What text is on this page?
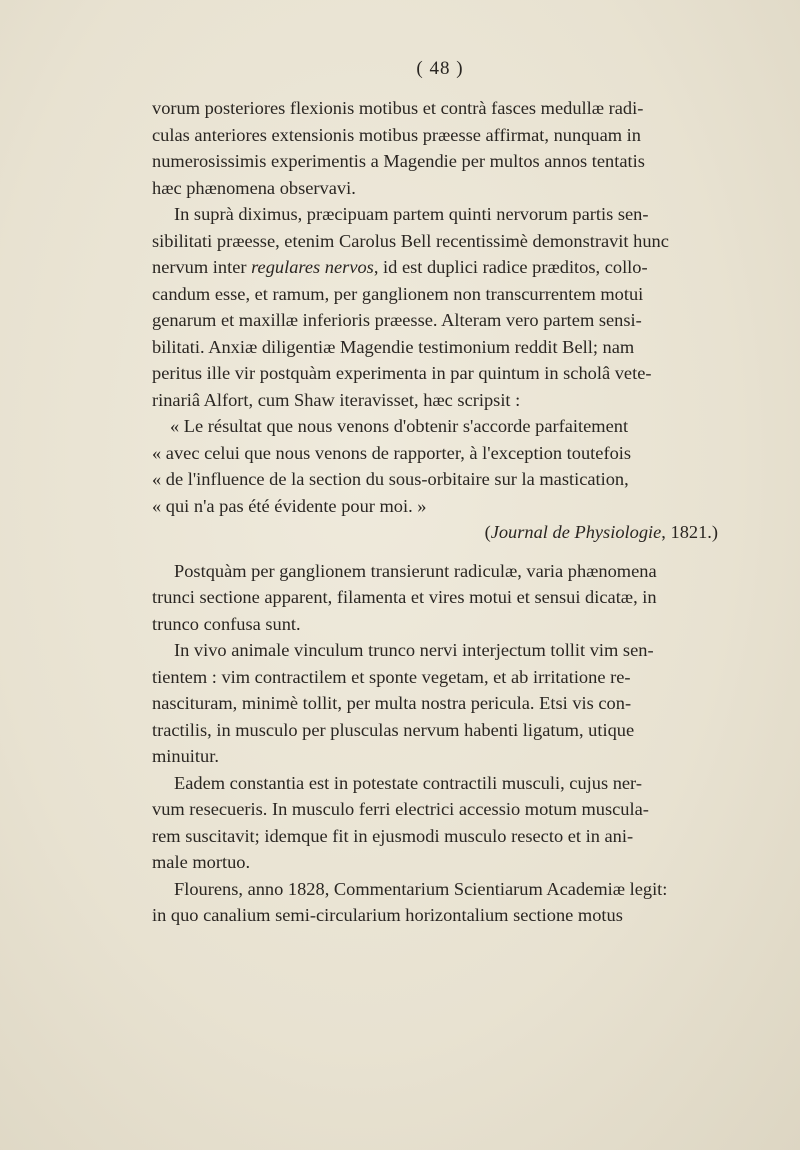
( 48 )

vorum posteriores flexionis motibus et contrà fasces medullæ radi-
culas anteriores extensionis motibus præesse affirmat, nunquam in
numerosissimis experimentis a Magendie per multos annos tentatis
hæc phænomena observavi.

In suprà diximus, præcipuam partem quinti nervorum partis sen-
sibilitati præesse, etenim Carolus Bell recentissimè demonstravit hunc
nervum inter regulares nervos, id est duplici radice præditos, collo-
candum esse, et ramum, per ganglionem non transcurrentem motui
genarum et maxillæ inferioris præesse. Alteram vero partem sensi-
bilitati. Anxiæ diligentiæ Magendie testimonium reddit Bell; nam
peritus ille vir postquàm experimenta in par quintum in scholâ vete-
rinariâ Alfort, cum Shaw iteravisset, hæc scripsit :

« Le résultat que nous venons d'obtenir s'accorde parfaitement
« avec celui que nous venons de rapporter, à l'exception toutefois
« de l'influence de la section du sous-orbitaire sur la mastication,
« qui n'a pas été évidente pour moi. »

(Journal de Physiologie, 1821.)

Postquàm per ganglionem transierunt radiculæ, varia phænomena
trunci sectione apparent, filamenta et vires motui et sensui dicatæ, in
trunco confusa sunt.

In vivo animale vinculum trunco nervi interjectum tollit vim sen-
tientem : vim contractilem et sponte vegetam, et ab irritatione re-
nascituram, minimè tollit, per multa nostra pericula. Etsi vis con-
tractilis, in musculo per plusculas nervum habenti ligatum, utique
minuitur.

Eadem constantia est in potestate contractili musculi, cujus ner-
vum resecueris. In musculo ferri electrici accessio motum muscula-
rem suscitavit; idemque fit in ejusmodi musculo resecto et in ani-
male mortuo.

Flourens, anno 1828, Commentarium Scientiarum Academiæ legit:
in quo canalium semi-circularium horizontalium sectione motus
